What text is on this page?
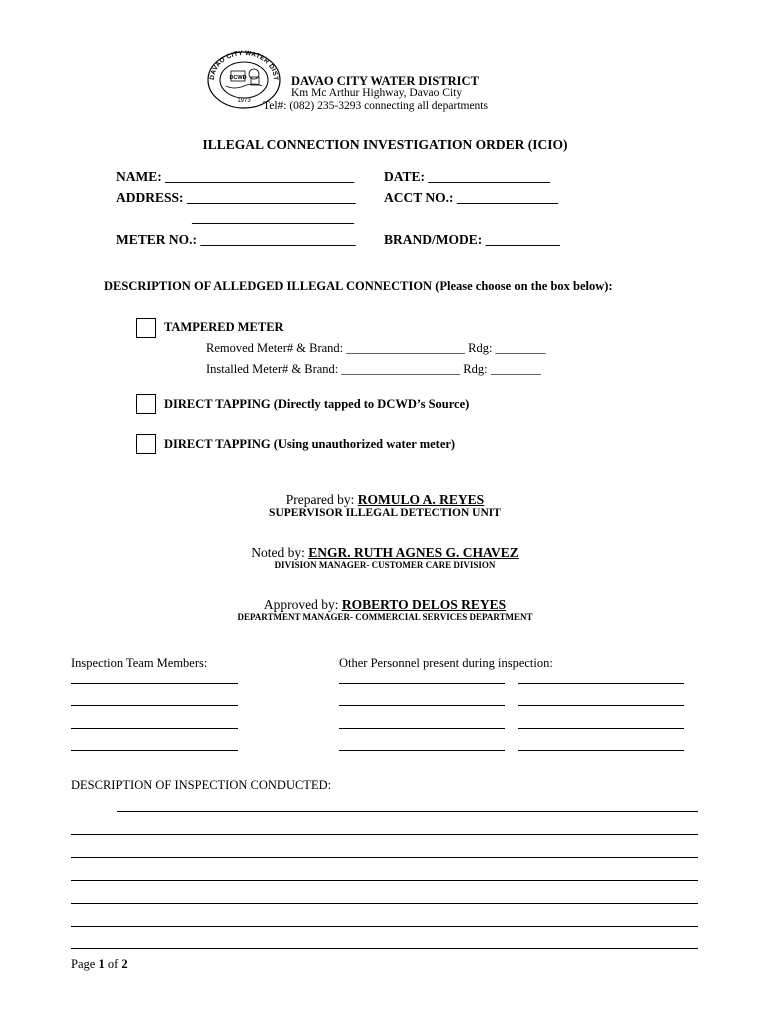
DAVAO CITY WATER DIST
DCWD
1973
DAVAO CITY WATER DISTRICT
Km Mc Arthur Highway, Davao City
Tel#: (082) 235-3293 connecting all departments
ILLEGAL CONNECTION INVESTIGATION ORDER (ICIO)
NAME: ____________________________ DATE: __________________
ADDRESS: _________________________ ACCT NO.: _______________
________________________
METER NO.: _______________________ BRAND/MODE: ___________
DESCRIPTION OF ALLEDGED ILLEGAL CONNECTION (Please choose on the box below):
TAMPERED METER
Removed Meter# & Brand: ___________________ Rdg: ________
Installed Meter# & Brand: ___________________ Rdg: ________
DIRECT TAPPING (Directly tapped to DCWD’s Source)
DIRECT TAPPING (Using unauthorized water meter)
Prepared by: ROMULO A. REYES
SUPERVISOR ILLEGAL DETECTION UNIT
Noted by: ENGR. RUTH AGNES G. CHAVEZ
DIVISION MANAGER- CUSTOMER CARE DIVISION
Approved by: ROBERTO DELOS REYES
DEPARTMENT MANAGER- COMMERCIAL SERVICES DEPARTMENT
Inspection Team Members:	Other Personnel present during inspection:
DESCRIPTION OF INSPECTION CONDUCTED:
Page 1 of 2
